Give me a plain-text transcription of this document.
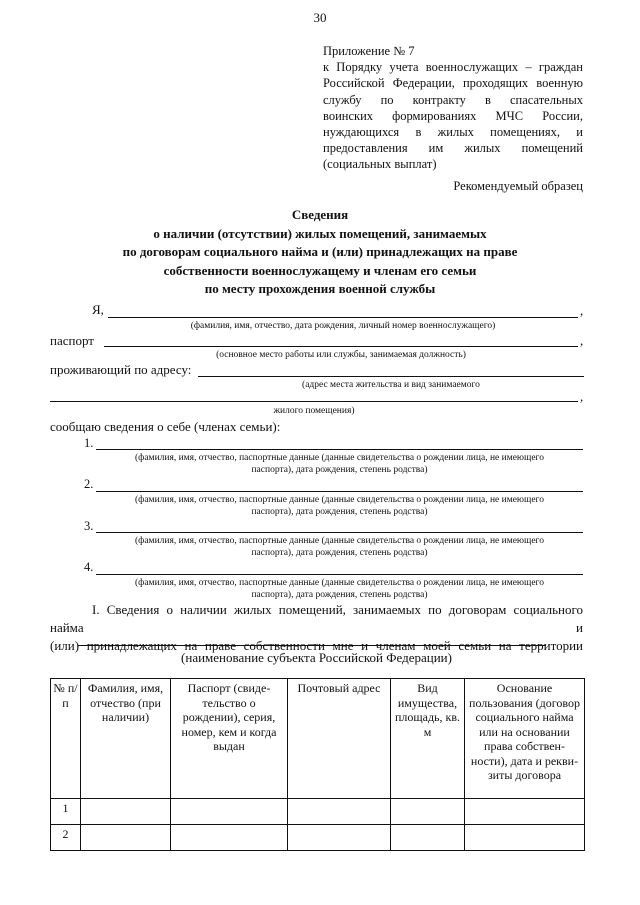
30
Приложение № 7
к Порядку учета военнослужащих – граждан
Российской Федерации, проходящих военную
службу по контракту в спасательных
воинских формированиях МЧС России,
нуждающихся в жилых помещениях, и
предоставления им жилых помещений
(социальных выплат)
Рекомендуемый образец
Сведения
о наличии (отсутствии) жилых помещений, занимаемых
по договорам социального найма и (или) принадлежащих на праве
собственности военнослужащему и членам его семьи
по месту прохождения военной службы
Я,	,
(фамилия, имя, отчество, дата рождения, личный номер военнослужащего)
паспорт	,
(основное место работы или службы, занимаемая должность)
проживающий по адресу:
(адрес места жительства и вид занимаемого
,
жилого помещения)
сообщаю сведения о себе (членах семьи):
1.
(фамилия, имя, отчество, паспортные данные (данные свидетельства о рождении лица, не имеющего
паспорта), дата рождения, степень родства)
2.
(фамилия, имя, отчество, паспортные данные (данные свидетельства о рождении лица, не имеющего
паспорта), дата рождения, степень родства)
3.
(фамилия, имя, отчество, паспортные данные (данные свидетельства о рождении лица, не имеющего
паспорта), дата рождения, степень родства)
4.
(фамилия, имя, отчество, паспортные данные (данные свидетельства о рождении лица, не имеющего
паспорта), дата рождения, степень родства)
I. Сведения о наличии жилых помещений, занимаемых по договорам социального найма и
(или) принадлежащих на праве собственности мне и членам моей семьи на территории
(наименование субъекта Российской Федерации)
№ п/п	Фамилия, имя, отчество (при наличии)	Паспорт (свиде-тельство о рождении), серия, номер, кем и когда выдан	Почтовый адрес	Вид имущества, площадь, кв. м	Основание пользования (договор социального найма или на основании права собствен-ности), дата и рекви-зиты договора
1					
2					
